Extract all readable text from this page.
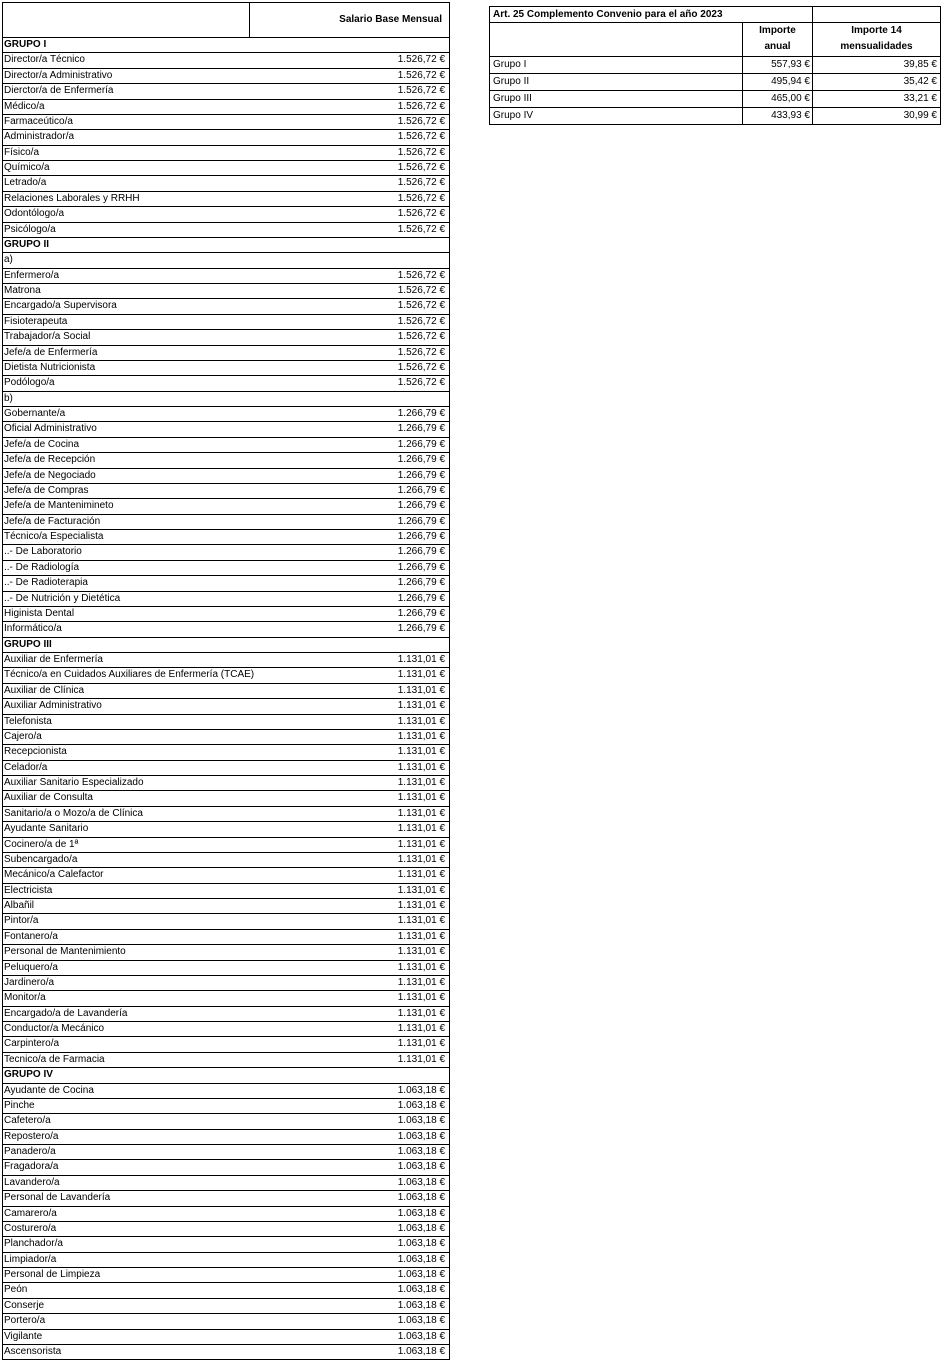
Salario Base Mensual
GRUPO I
Director/a Técnico	1.526,72 €
Director/a Administrativo	1.526,72 €
Dierctor/a de Enfermería	1.526,72 €
Médico/a	1.526,72 €
Farmaceútico/a	1.526,72 €
Administrador/a	1.526,72 €
Físico/a	1.526,72 €
Químico/a	1.526,72 €
Letrado/a	1.526,72 €
Relaciones Laborales y RRHH	1.526,72 €
Odontólogo/a	1.526,72 €
Psicólogo/a	1.526,72 €
GRUPO II
a)
Enfermero/a	1.526,72 €
Matrona	1.526,72 €
Encargado/a Supervisora	1.526,72 €
Fisioterapeuta	1.526,72 €
Trabajador/a Social	1.526,72 €
Jefe/a de Enfermería	1.526,72 €
Dietista Nutricionista	1.526,72 €
Podólogo/a	1.526,72 €
b)
Gobernante/a	1.266,79 €
Oficial Administrativo	1.266,79 €
Jefe/a de Cocina	1.266,79 €
Jefe/a de Recepción	1.266,79 €
Jefe/a de Negociado	1.266,79 €
Jefe/a de Compras	1.266,79 €
Jefe/a de Mantenimineto	1.266,79 €
Jefe/a de Facturación	1.266,79 €
Técnico/a Especialista	1.266,79 €
..- De Laboratorio	1.266,79 €
..- De Radiología	1.266,79 €
..- De Radioterapia	1.266,79 €
..- De Nutrición y Dietética	1.266,79 €
Higinista Dental	1.266,79 €
Informático/a	1.266,79 €
GRUPO III
Auxiliar de Enfermería	1.131,01 €
Técnico/a en Cuidados Auxiliares de Enfermería (TCAE)	1.131,01 €
Auxiliar de Clínica	1.131,01 €
Auxiliar Administrativo	1.131,01 €
Telefonista	1.131,01 €
Cajero/a	1.131,01 €
Recepcionista	1.131,01 €
Celador/a	1.131,01 €
Auxiliar Sanitario Especializado	1.131,01 €
Auxiliar de Consulta	1.131,01 €
Sanitario/a o Mozo/a de Clínica	1.131,01 €
Ayudante Sanitario	1.131,01 €
Cocinero/a de 1ª	1.131,01 €
Subencargado/a	1.131,01 €
Mecánico/a Calefactor	1.131,01 €
Electricista	1.131,01 €
Albañil	1.131,01 €
Pintor/a	1.131,01 €
Fontanero/a	1.131,01 €
Personal de Mantenimiento	1.131,01 €
Peluquero/a	1.131,01 €
Jardinero/a	1.131,01 €
Monitor/a	1.131,01 €
Encargado/a de Lavandería	1.131,01 €
Conductor/a Mecánico	1.131,01 €
Carpintero/a	1.131,01 €
Tecnico/a de Farmacia	1.131,01 €
GRUPO IV
Ayudante de Cocina	1.063,18 €
Pinche	1.063,18 €
Cafetero/a	1.063,18 €
Repostero/a	1.063,18 €
Panadero/a	1.063,18 €
Fragadora/a	1.063,18 €
Lavandero/a	1.063,18 €
Personal de Lavandería	1.063,18 €
Camarero/a	1.063,18 €
Costurero/a	1.063,18 €
Planchador/a	1.063,18 €
Limpiador/a	1.063,18 €
Personal de Limpieza	1.063,18 €
Peón	1.063,18 €
Conserje	1.063,18 €
Portero/a	1.063,18 €
Vigilante	1.063,18 €
Ascensorista	1.063,18 €
Art. 25 Complemento Convenio para el año 2023
Importe
anual
Importe 14
mensualidades
Grupo I	557,93 €	39,85 €
Grupo II	495,94 €	35,42 €
Grupo III	465,00 €	33,21 €
Grupo IV	433,93 €	30,99 €
